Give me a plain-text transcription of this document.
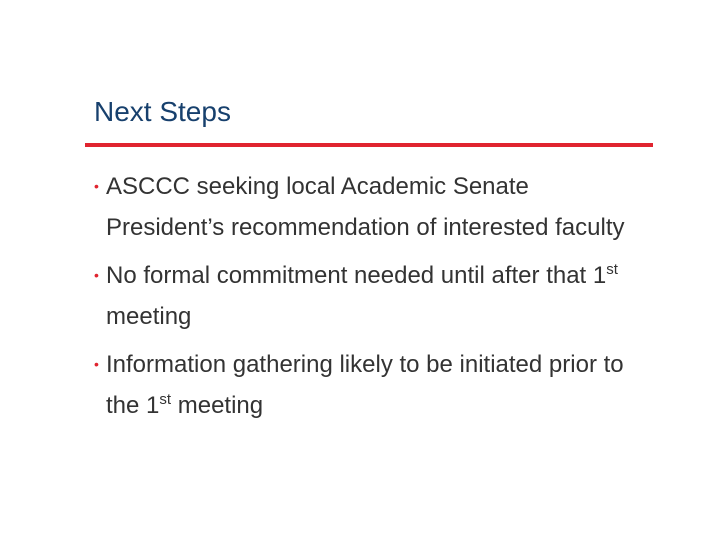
Next Steps
• ASCCC seeking local Academic Senate President’s recommendation of interested faculty
• No formal commitment needed until after that 1st meeting
• Information gathering likely to be initiated prior to the 1st meeting
